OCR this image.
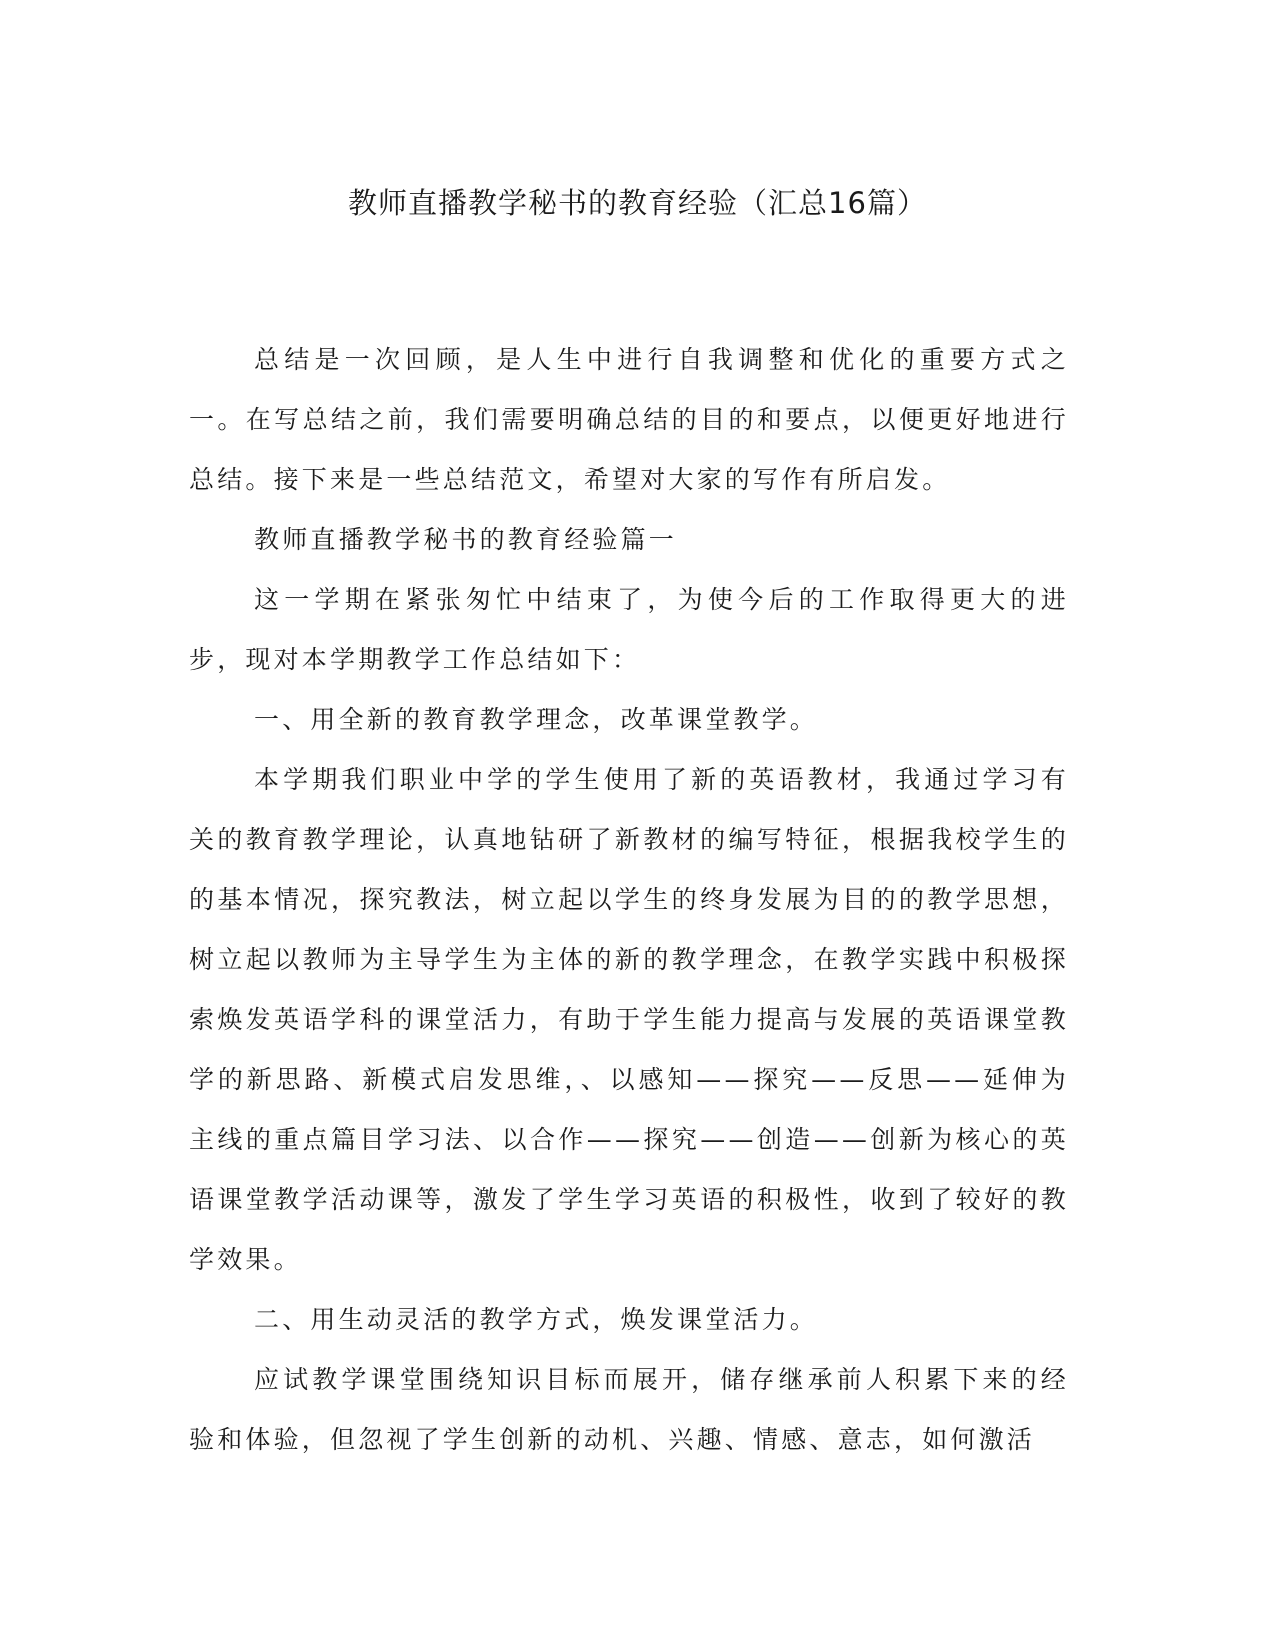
教师直播教学秘书的教育经验（汇总16篇）

总结是一次回顾，是人生中进行自我调整和优化的重要方式之一。在写总结之前，我们需要明确总结的目的和要点，以便更好地进行总结。接下来是一些总结范文，希望对大家的写作有所启发。

教师直播教学秘书的教育经验篇一

这一学期在紧张匆忙中结束了，为使今后的工作取得更大的进步，现对本学期教学工作总结如下：

一、用全新的教育教学理念，改革课堂教学。

本学期我们职业中学的学生使用了新的英语教材，我通过学习有关的教育教学理论，认真地钻研了新教材的编写特征，根据我校学生的的基本情况，探究教法，树立起以学生的终身发展为目的的教学思想，树立起以教师为主导学生为主体的新的教学理念，在教学实践中积极探索焕发英语学科的课堂活力，有助于学生能力提高与发展的英语课堂教学的新思路、新模式启发思维，、以感知——探究——反思——延伸为主线的重点篇目学习法、以合作——探究——创造——创新为核心的英语课堂教学活动课等，激发了学生学习英语的积极性，收到了较好的教学效果。

二、用生动灵活的教学方式，焕发课堂活力。

应试教学课堂围绕知识目标而展开，储存继承前人积累下来的经验和体验，但忽视了学生创新的动机、兴趣、情感、意志，如何激活
